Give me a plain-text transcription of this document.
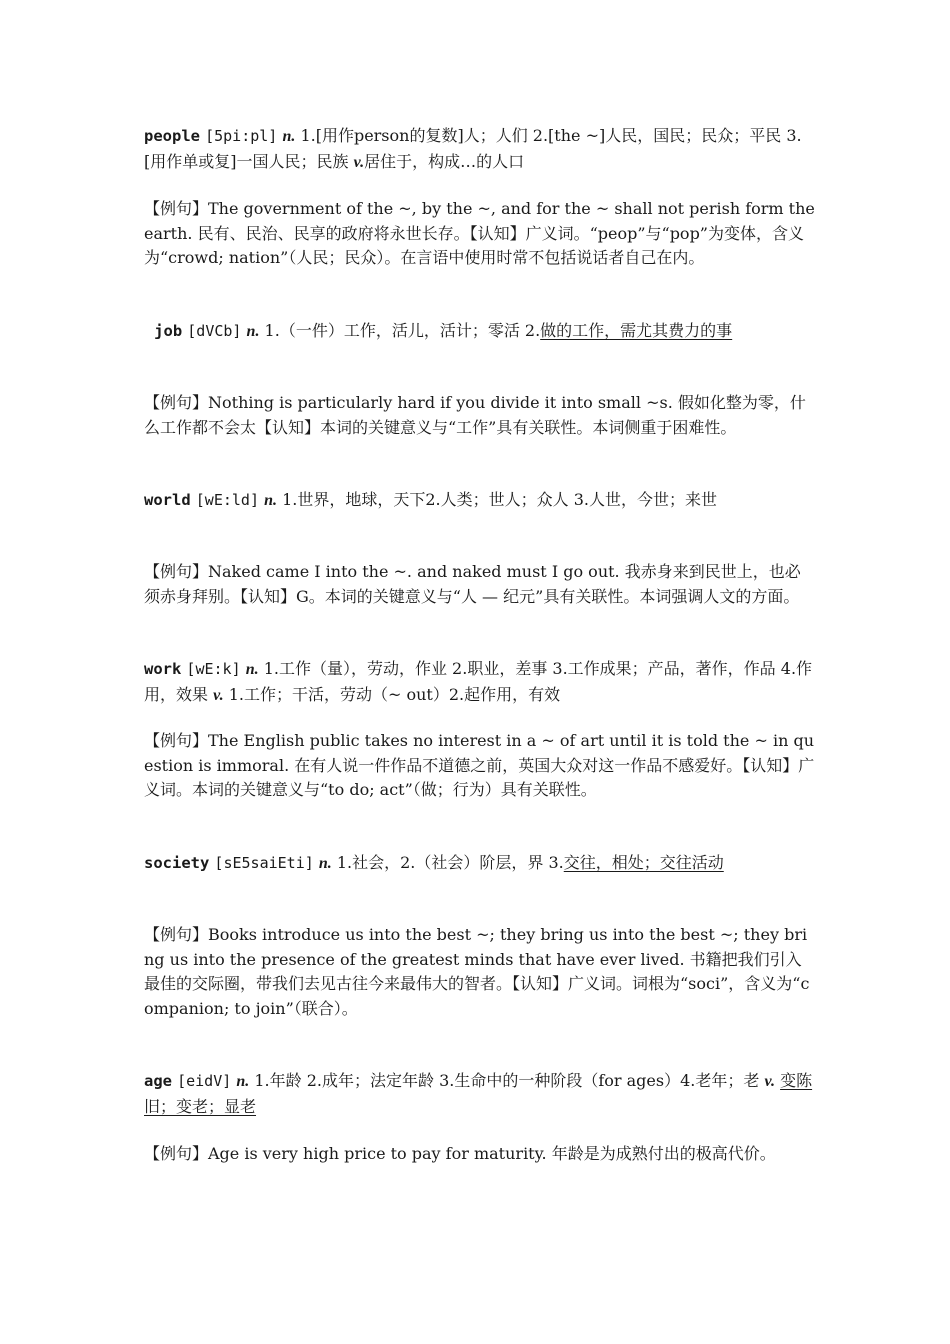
people [5pi:pl] n. 1.[用作person的复数]人；人们 2.[the ~]人民，国民；民众；平民 3.[用作单或复]一国人民；民族 v.居住于，构成…的人口
【例句】The government of the ~, by the ~, and for the ~ shall not perish form the earth. 民有、民治、民享的政府将永世长存。【认知】广义词。“peop”与“pop”为变体，含义为“crowd; nation”（人民；民众）。在言语中使用时常不包括说话者自己在内。
job [dVCb] n. 1.（一件）工作，活儿，活计；零活 2.做的工作，需尤其费力的事
【例句】Nothing is particularly hard if you divide it into small ~s. 假如化整为零，什么工作都不会太【认知】本词的关键意义与“工作”具有关联性。本词侧重于困难性。
world [wE:ld] n. 1.世界，地球，天下2.人类；世人；众人 3.人世，今世；来世
【例句】Naked came I into the ~. and naked must I go out. 我赤身来到民世上，也必须赤身拜别。【认知】G。本词的关键意义与“人 — 纪元”具有关联性。本词强调人文的方面。
work [wE:k] n. 1.工作（量），劳动，作业 2.职业，差事 3.工作成果；产品，著作，作品 4.作用，效果 v. 1.工作；干活，劳动（~ out）2.起作用，有效
【例句】The English public takes no interest in a ~ of art until it is told the ~ in question is immoral. 在有人说一件作品不道德之前，英国大众对这一作品不感爱好。【认知】广义词。本词的关键意义与“to do; act”（做；行为）具有关联性。
society [sE5saiEti] n. 1.社会，2.（社会）阶层，界 3.交往，相处；交往活动
【例句】Books introduce us into the best ~; they bring us into the best ~; they bring us into the presence of the greatest minds that have ever lived. 书籍把我们引入最佳的交际圈，带我们去见古往今来最伟大的智者。【认知】广义词。词根为“soci”，含义为“companion; to join”（联合）。
age [eidV] n. 1.年龄 2.成年；法定年龄 3.生命中的一种阶段（for ages）4.老年；老 v. 变陈旧；变老；显老
【例句】Age is very high price to pay for maturity. 年龄是为成熟付出的极高代价。
